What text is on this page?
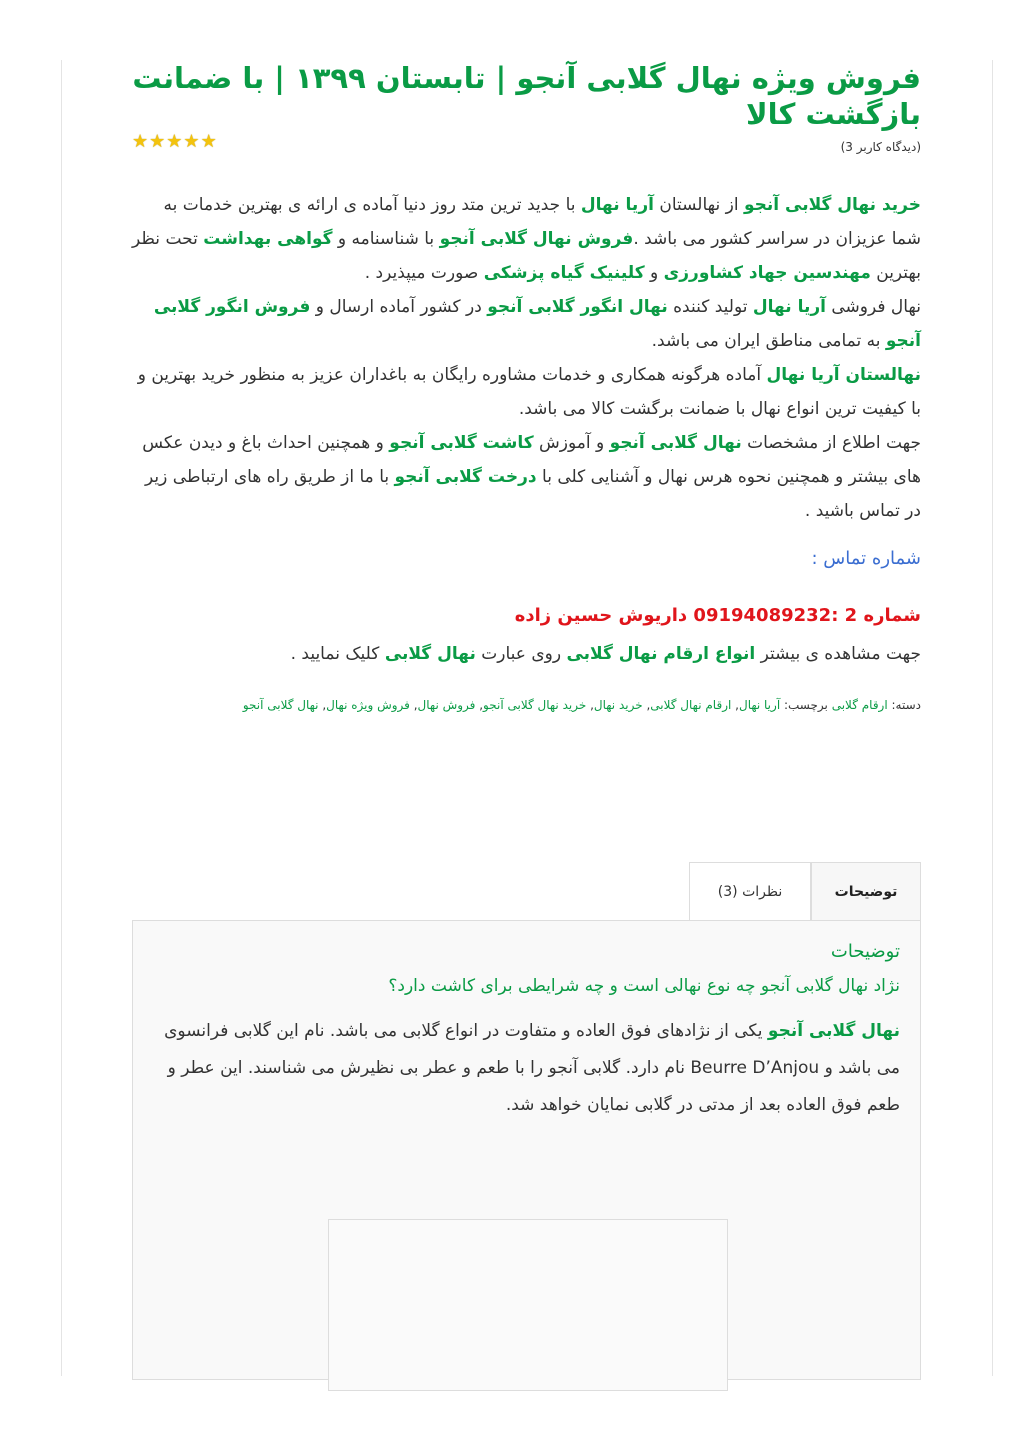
فروش ویژه نهال گلابی آنجو | تابستان ۱۳۹۹ | با ضمانت بازگشت کالا
(دیدگاه کاربر 3)
★ ★ ★ ★ ★

خرید نهال گلابی آنجو از نهالستان آریا نهال با جدید ترین متد روز دنیا آماده ی ارائه ی بهترین خدمات به شما عزیزان در سراسر کشور می باشد .فروش نهال گلابی آنجو با شناسنامه و گواهی بهداشت تحت نظر بهترین مهندسین جهاد کشاورزی و کلینیک گیاه پزشکی صورت میپذیرد .

نهال فروشی آریا نهال تولید کننده نهال انگور گلابی آنجو در کشور آماده ارسال و فروش انگور گلابی آنجو به تمامی مناطق ایران می باشد.

نهالستان آریا نهال آماده هرگونه همکاری و خدمات مشاوره رایگان به باغداران عزیز به منظور خرید بهترین و با کیفیت ترین انواع نهال با ضمانت برگشت کالا می باشد.

جهت اطلاع از مشخصات نهال گلابی آنجو و آموزش کاشت گلابی آنجو و همچنین احداث باغ و دیدن عکس های بیشتر و همچنین نحوه هرس نهال و آشنایی کلی با درخت گلابی آنجو با ما از طریق راه های ارتباطی زیر در تماس باشید .

شماره تماس :
شماره 2 :09194089232 داریوش حسین زاده
جهت مشاهده ی بیشتر انواع ارقام نهال گلابی روی عبارت نهال گلابی کلیک نمایید .
دسته: ارقام گلابی برچسب: آریا نهال, ارقام نهال گلابی, خرید نهال, خرید نهال گلابی آنجو, فروش نهال, فروش ویژه نهال, نهال گلابی آنجو
توضیحات
نظرات (3)
توضیحات
نژاد نهال گلابی آنجو چه نوع نهالی است و چه شرایطی برای کاشت دارد؟
نهال گلابی آنجو یکی از نژادهای فوق العاده و متفاوت در انواع گلابی می باشد. نام این گلابی فرانسوی می باشد و Beurre D’Anjou نام دارد. گلابی آنجو را با طعم و عطر بی نظیرش می شناسند. این عطر و طعم فوق العاده بعد از مدتی در گلابی نمایان خواهد شد.
